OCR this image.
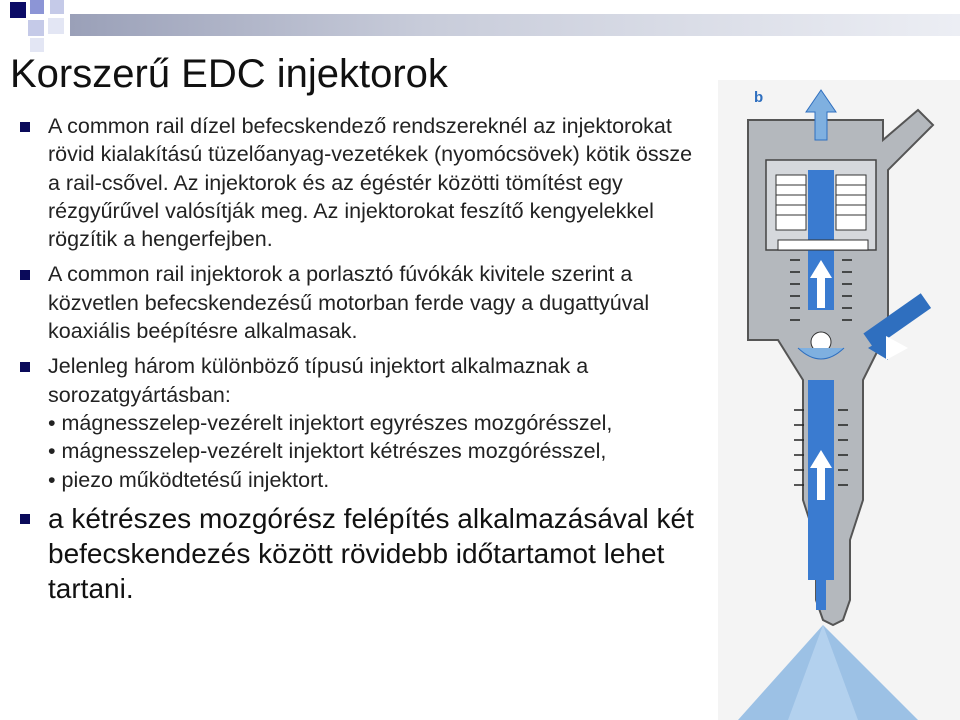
Korszerű EDC injektorok
A common rail dízel befecskendező rendszereknél az injektorokat rövid kialakítású tüzelőanyag-vezetékek (nyomócsövek) kötik össze a rail-csővel. Az injektorok és az égéstér közötti tömítést egy rézgyűrűvel valósítják meg. Az injektorokat feszítő kengyelekkel rögzítik a hengerfejben.
A common rail injektorok a porlasztó fúvókák kivitele szerint a közvetlen befecskendezésű motorban ferde vagy a dugattyúval koaxiális beépítésre alkalmasak.
Jelenleg három különböző típusú injektort alkalmaznak a sorozatgyártásban:
• mágnesszelep-vezérelt injektort egyrészes mozgórésszel,
• mágnesszelep-vezérelt injektort kétrészes mozgórésszel,
• piezo működtetésű injektort.
a kétrészes mozgórész felépítés alkalmazásával két befecskendezés között rövidebb időtartamot lehet tartani.
b
